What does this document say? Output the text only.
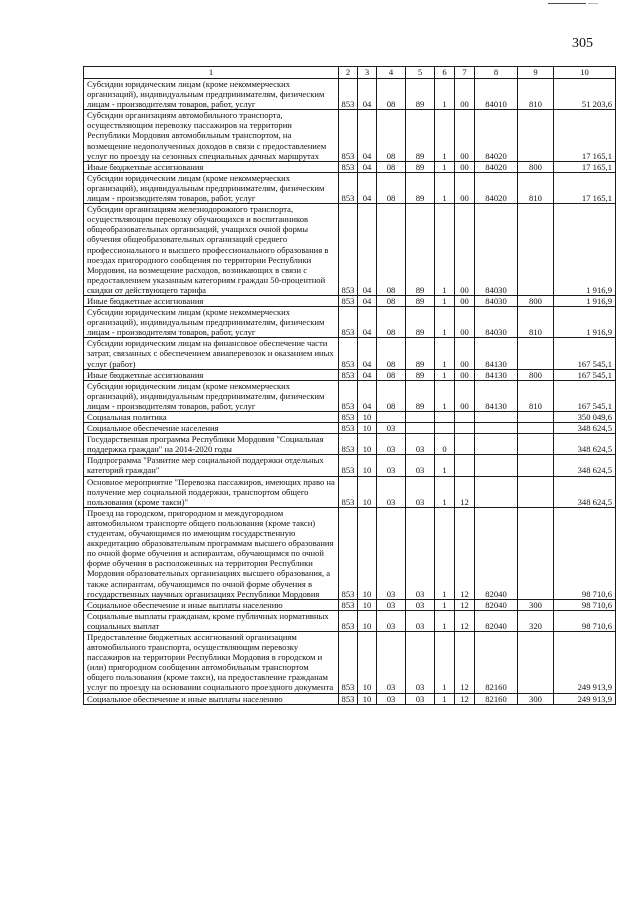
305
1	2	3	4	5	6	7	8	9	10
Субсидии юридическим лицам (кроме некоммерческих организаций), индивидуальным предпринимателям, физическим лицам - производителям товаров, работ, услуг	853	04	08	89	1	00	84010	810	51 203,6
Субсидии организациям автомобильного транспорта, осуществляющим перевозку пассажиров на территории Республики Мордовия автомобильным транспортом, на возмещение недополученных доходов в связи с предоставлением услуг по проезду на сезонных специальных дачных маршрутах	853	04	08	89	1	00	84020		17 165,1
Иные бюджетные ассигнования	853	04	08	89	1	00	84020	800	17 165,1
Субсидии юридическим лицам (кроме некоммерческих организаций), индивидуальным предпринимателям, физическим лицам - производителям товаров, работ, услуг	853	04	08	89	1	00	84020	810	17 165,1
Субсидии организациям железнодорожного транспорта, осуществляющим перевозку обучающихся и воспитанников общеобразовательных организаций, учащихся очной формы обучения общеобразовательных организаций среднего профессионального и высшего профессионального образования в поездах пригородного сообщения по территории Республики Мордовия, на возмещение расходов, возникающих в связи с предоставлением указанным категориям граждан 50-процентной скидки от действующего тарифа	853	04	08	89	1	00	84030		1 916,9
Иные бюджетные ассигнования	853	04	08	89	1	00	84030	800	1 916,9
Субсидии юридическим лицам (кроме некоммерческих организаций), индивидуальным предпринимателям, физическим лицам - производителям товаров, работ, услуг	853	04	08	89	1	00	84030	810	1 916,9
Субсидии юридическим лицам на финансовое обеспечение части затрат, связанных с обеспечением авиаперевозок и оказанием иных услуг (работ)	853	04	08	89	1	00	84130		167 545,1
Иные бюджетные ассигнования	853	04	08	89	1	00	84130	800	167 545,1
Субсидии юридическим лицам (кроме некоммерческих организаций), индивидуальным предпринимателям, физическим лицам - производителям товаров, работ, услуг	853	04	08	89	1	00	84130	810	167 545,1
Социальная политика	853	10							350 049,6
Социальное обеспечение населения	853	10	03						348 624,5
Государственная программа Республики Мордовия "Социальная поддержка граждан" на 2014-2020 годы	853	10	03	03	0				348 624,5
Подпрограмма "Развитие мер социальной поддержки отдельных категорий граждан"	853	10	03	03	1				348 624,5
Основное мероприятие "Перевозка пассажиров, имеющих право на получение мер социальной поддержки, транспортом общего пользования (кроме такси)"	853	10	03	03	1	12			348 624,5
Проезд на городском, пригородном и междугородном автомобильном транспорте общего пользования (кроме такси) студентам, обучающимся по имеющим государственную аккредитацию образовательным программам высшего образования по очной форме обучения и аспирантам, обучающимся по очной форме обучения в расположенных на территории Республики Мордовия образовательных организациях высшего образования, а также аспирантам, обучающимся по очной форме обучения в государственных научных организациях Республики Мордовия	853	10	03	03	1	12	82040		98 710,6
Социальное обеспечение и иные выплаты населению	853	10	03	03	1	12	82040	300	98 710,6
Социальные выплаты гражданам, кроме публичных нормативных социальных выплат	853	10	03	03	1	12	82040	320	98 710,6
Предоставление бюджетных ассигнований организациям автомобильного транспорта, осуществляющим перевозку пассажиров на территории Республики Мордовия в городском и (или) пригородном сообщении автомобильным транспортом общего пользования (кроме такси), на предоставление гражданам услуг по проезду на основании социального проездного документа	853	10	03	03	1	12	82160		249 913,9
Социальное обеспечение и иные выплаты населению	853	10	03	03	1	12	82160	300	249 913,9
